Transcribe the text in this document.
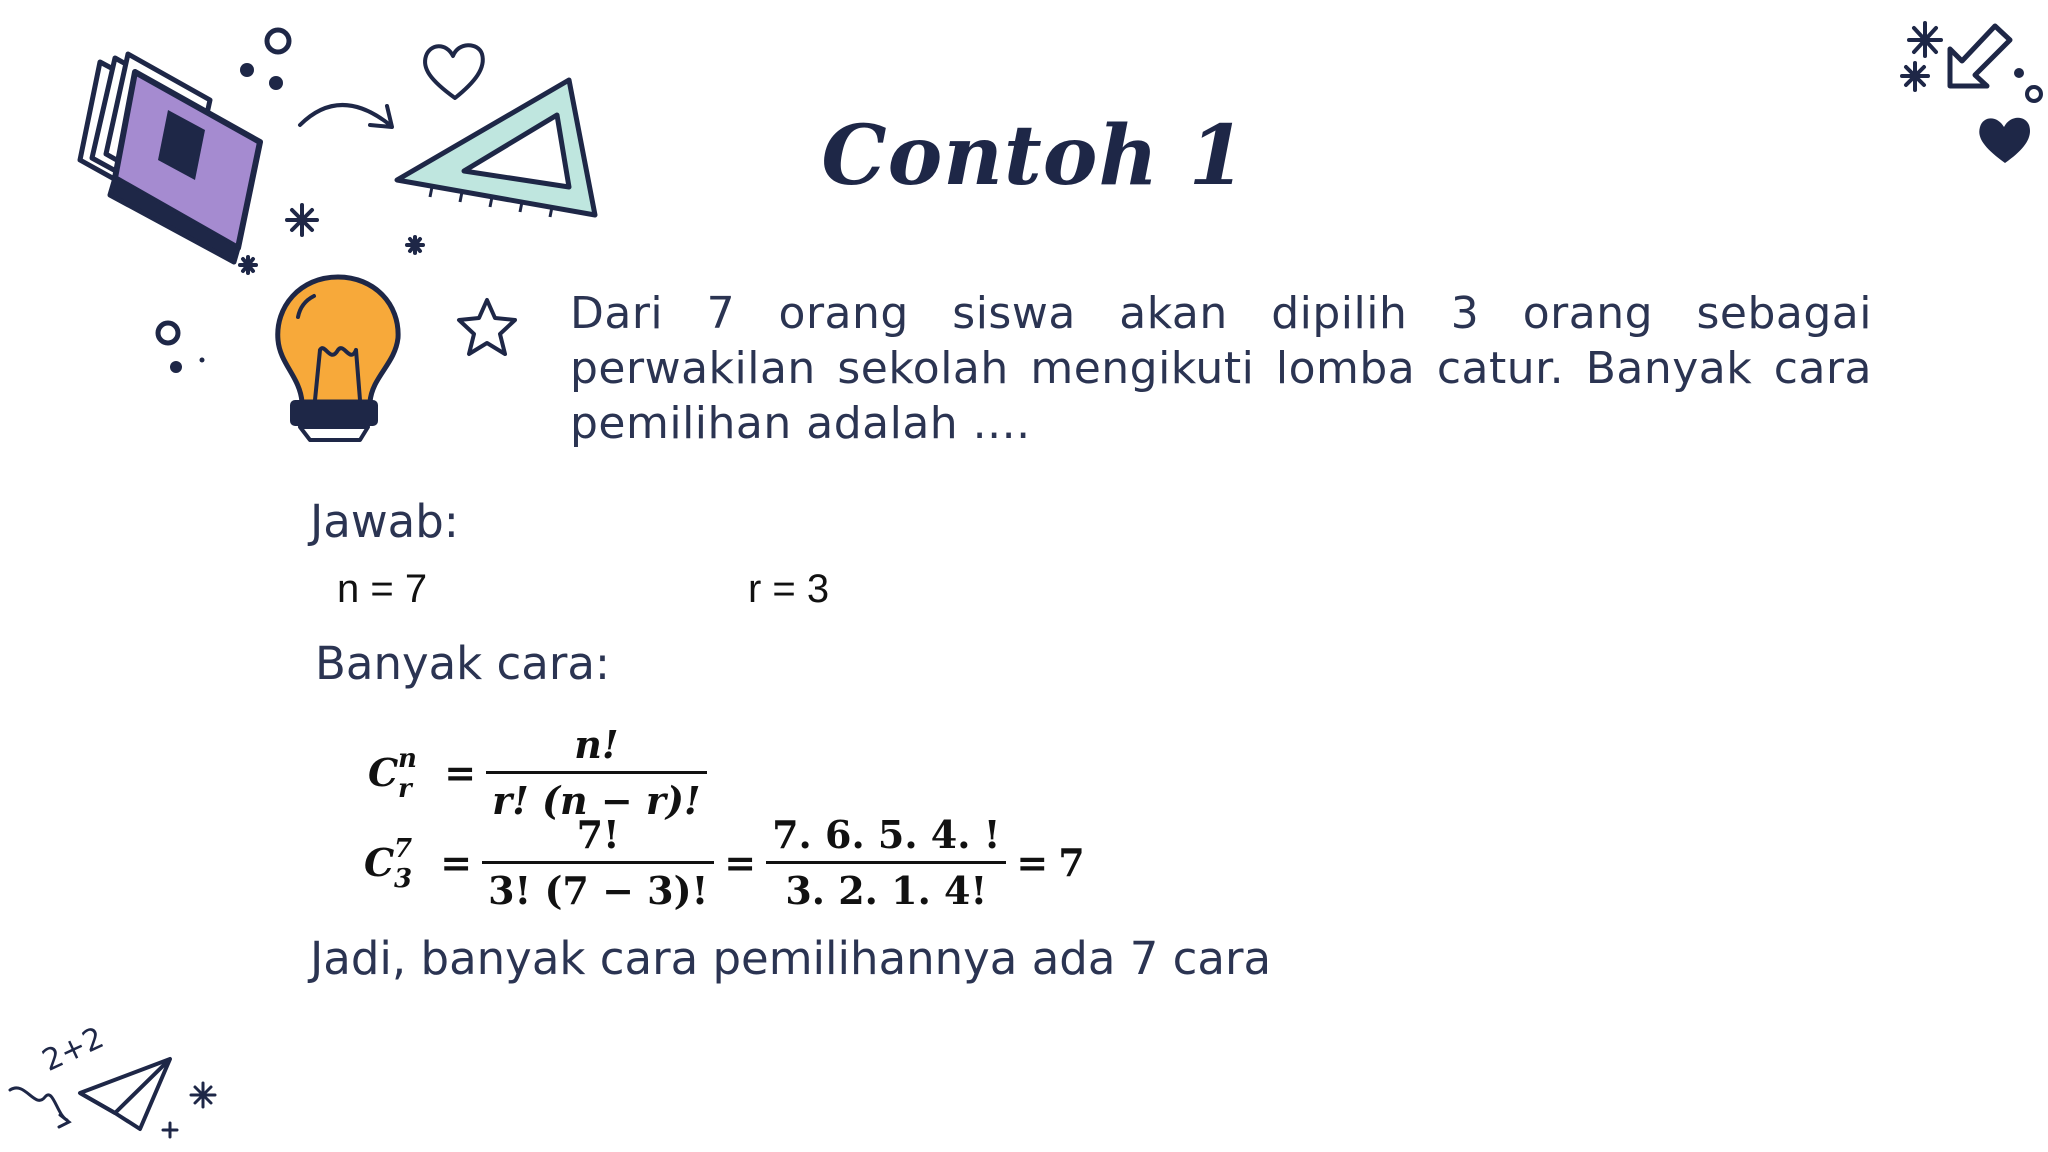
Contoh 1
Dari 7 orang siswa akan dipilih 3 orang sebagai perwakilan sekolah mengikuti lomba catur. Banyak cara pemilihan adalah ....
Jawab:
n = 7	r = 3
Banyak cara:
C n
$r = \frac{n!}{r! (n - r)!}$
C 7
$3 = \frac{7!}{3! (7 - 3)!} = \frac{7. 6. 5. 4. !}{3. 2. 1. 4!} = 7$
Jadi, banyak cara pemilihannya ada 7 cara
2+2
